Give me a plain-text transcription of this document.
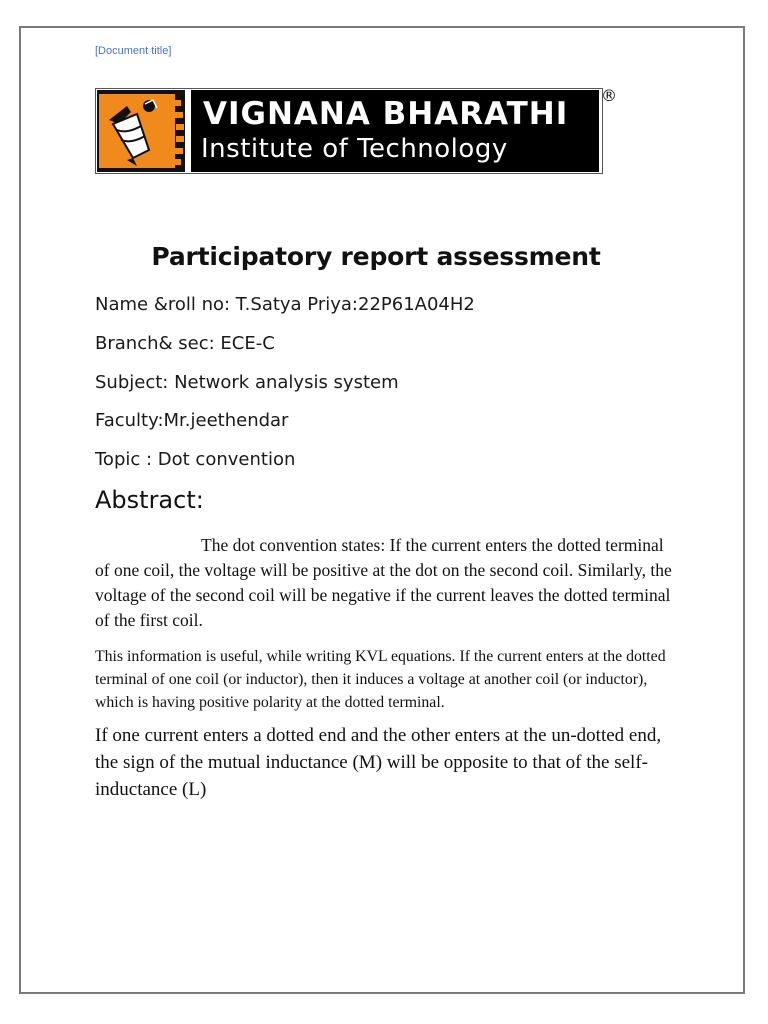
[Document title]
VIGNANA BHARATHI
Institute of Technology
®
Participatory report assessment
Name &roll no: T.Satya Priya:22P61A04H2
Branch& sec: ECE-C
Subject: Network analysis system
Faculty:Mr.jeethendar
Topic : Dot convention
Abstract:
The dot convention states: If the current enters the dotted terminal of one coil, the voltage will be positive at the dot on the second coil. Similarly, the voltage of the second coil will be negative if the current leaves the dotted terminal of the first coil.
This information is useful, while writing KVL equations. If the current enters at the dotted terminal of one coil (or inductor), then it induces a voltage at another coil (or inductor), which is having positive polarity at the dotted terminal.
If one current enters a dotted end and the other enters at the un-dotted end, the sign of the mutual inductance (M) will be opposite to that of the self-inductance (L)
